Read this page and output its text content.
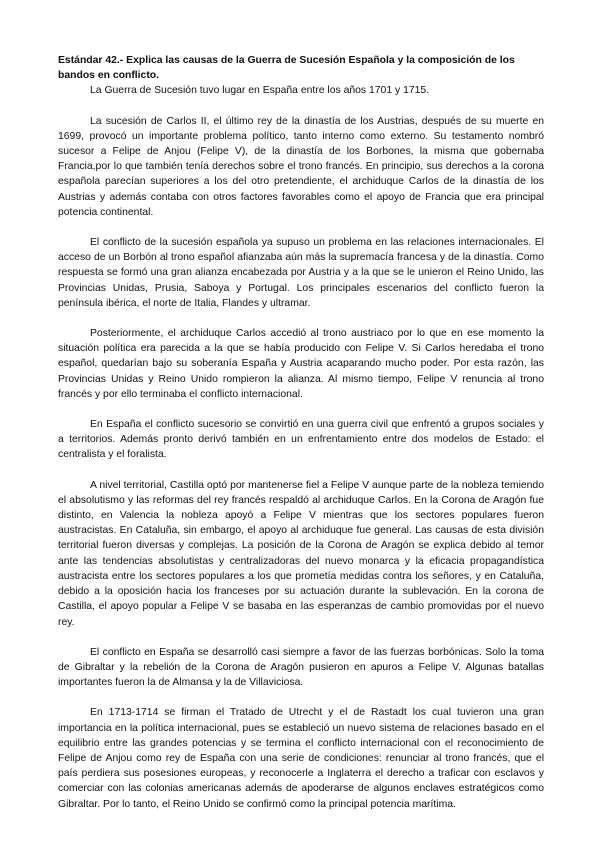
Estándar 42.- Explica las causas de la Guerra de Sucesión Española y la composición de los bandos en conflicto.

La Guerra de Sucesión tuvo lugar en España entre los años 1701 y 1715.

La sucesión de Carlos II, el último rey de la dinastía de los Austrias, después de su muerte en 1699, provocó un importante problema político, tanto interno como externo. Su testamento nombró sucesor a Felipe de Anjou (Felipe V), de la dinastía de los Borbones, la misma que gobernaba Francia,por lo que también tenía derechos sobre el trono francés. En principio, sus derechos a la corona española parecían superiores a los del otro pretendiente, el archiduque Carlos de la dinastía de los Austrias y además contaba con otros factores favorables como el apoyo de Francia que era principal potencia continental.

El conflicto de la sucesión española ya supuso un problema en las relaciones internacionales. El acceso de un Borbón al trono español afianzaba aún más la supremacía francesa y de la dinastía. Como respuesta se formó una gran alianza encabezada por Austria y a la que se le unieron el Reino Unido, las Provincias Unidas, Prusia, Saboya y Portugal. Los principales escenarios del conflicto fueron la península ibérica, el norte de Italia, Flandes y ultramar.

Posteriormente, el archiduque Carlos accedió al trono austriaco por lo que en ese momento la situación política era parecida a la que se había producido con Felipe V. Si Carlos heredaba el trono español, quedarían bajo su soberanía España y Austria acaparando mucho poder. Por esta razón, las Provincias Unidas y Reino Unido rompieron la alianza. Al mismo tiempo, Felipe V renuncia al trono francés y por ello terminaba el conflicto internacional.

En España el conflicto sucesorio se convirtió en una guerra civil que enfrentó a grupos sociales y a territorios. Además pronto derivó también en un enfrentamiento entre dos modelos de Estado: el centralista y el foralista.

A nivel territorial, Castilla optó por mantenerse fiel a Felipe V aunque parte de la nobleza temiendo el absolutismo y las reformas del rey francés respaldó al archiduque Carlos. En la Corona de Aragón fue distinto, en Valencia la nobleza apoyó a Felipe V mientras que los sectores populares fueron austracistas. En Cataluña, sin embargo, el apoyo al archiduque fue general. Las causas de esta división territorial fueron diversas y complejas. La posición de la Corona de Aragón se explica debido al temor ante las tendencias absolutistas y centralizadoras del nuevo monarca y la eficacia propagandística austracista entre los sectores populares a los que prometía medidas contra los señores, y en Cataluña, debido a la oposición hacia los franceses por su actuación durante la sublevación. En la corona de Castilla, el apoyo popular a Felipe V se basaba en las esperanzas de cambio promovidas por el nuevo rey.

El conflicto en España se desarrolló casi siempre a favor de las fuerzas borbónicas. Solo la toma de Gibraltar y la rebelión de la Corona de Aragón pusieron en apuros a Felipe V. Algunas batallas importantes fueron la de Almansa y la de Villaviciosa.

En 1713-1714 se firman el Tratado de Utrecht y el de Rastadt los cual tuvieron una gran importancia en la política internacional, pues se estableció un nuevo sistema de relaciones basado en el equilibrio entre las grandes potencias y se termina el conflicto internacional con el reconocimiento de Felipe de Anjou como rey de España con una serie de condiciones: renunciar al trono francés, que el país perdiera sus posesiones europeas, y reconocerle a Inglaterra el derecho a traficar con esclavos y comerciar con las colonias americanas además de apoderarse de algunos enclaves estratégicos como Gibraltar. Por lo tanto, el Reino Unido se confirmó como la principal potencia marítima.
